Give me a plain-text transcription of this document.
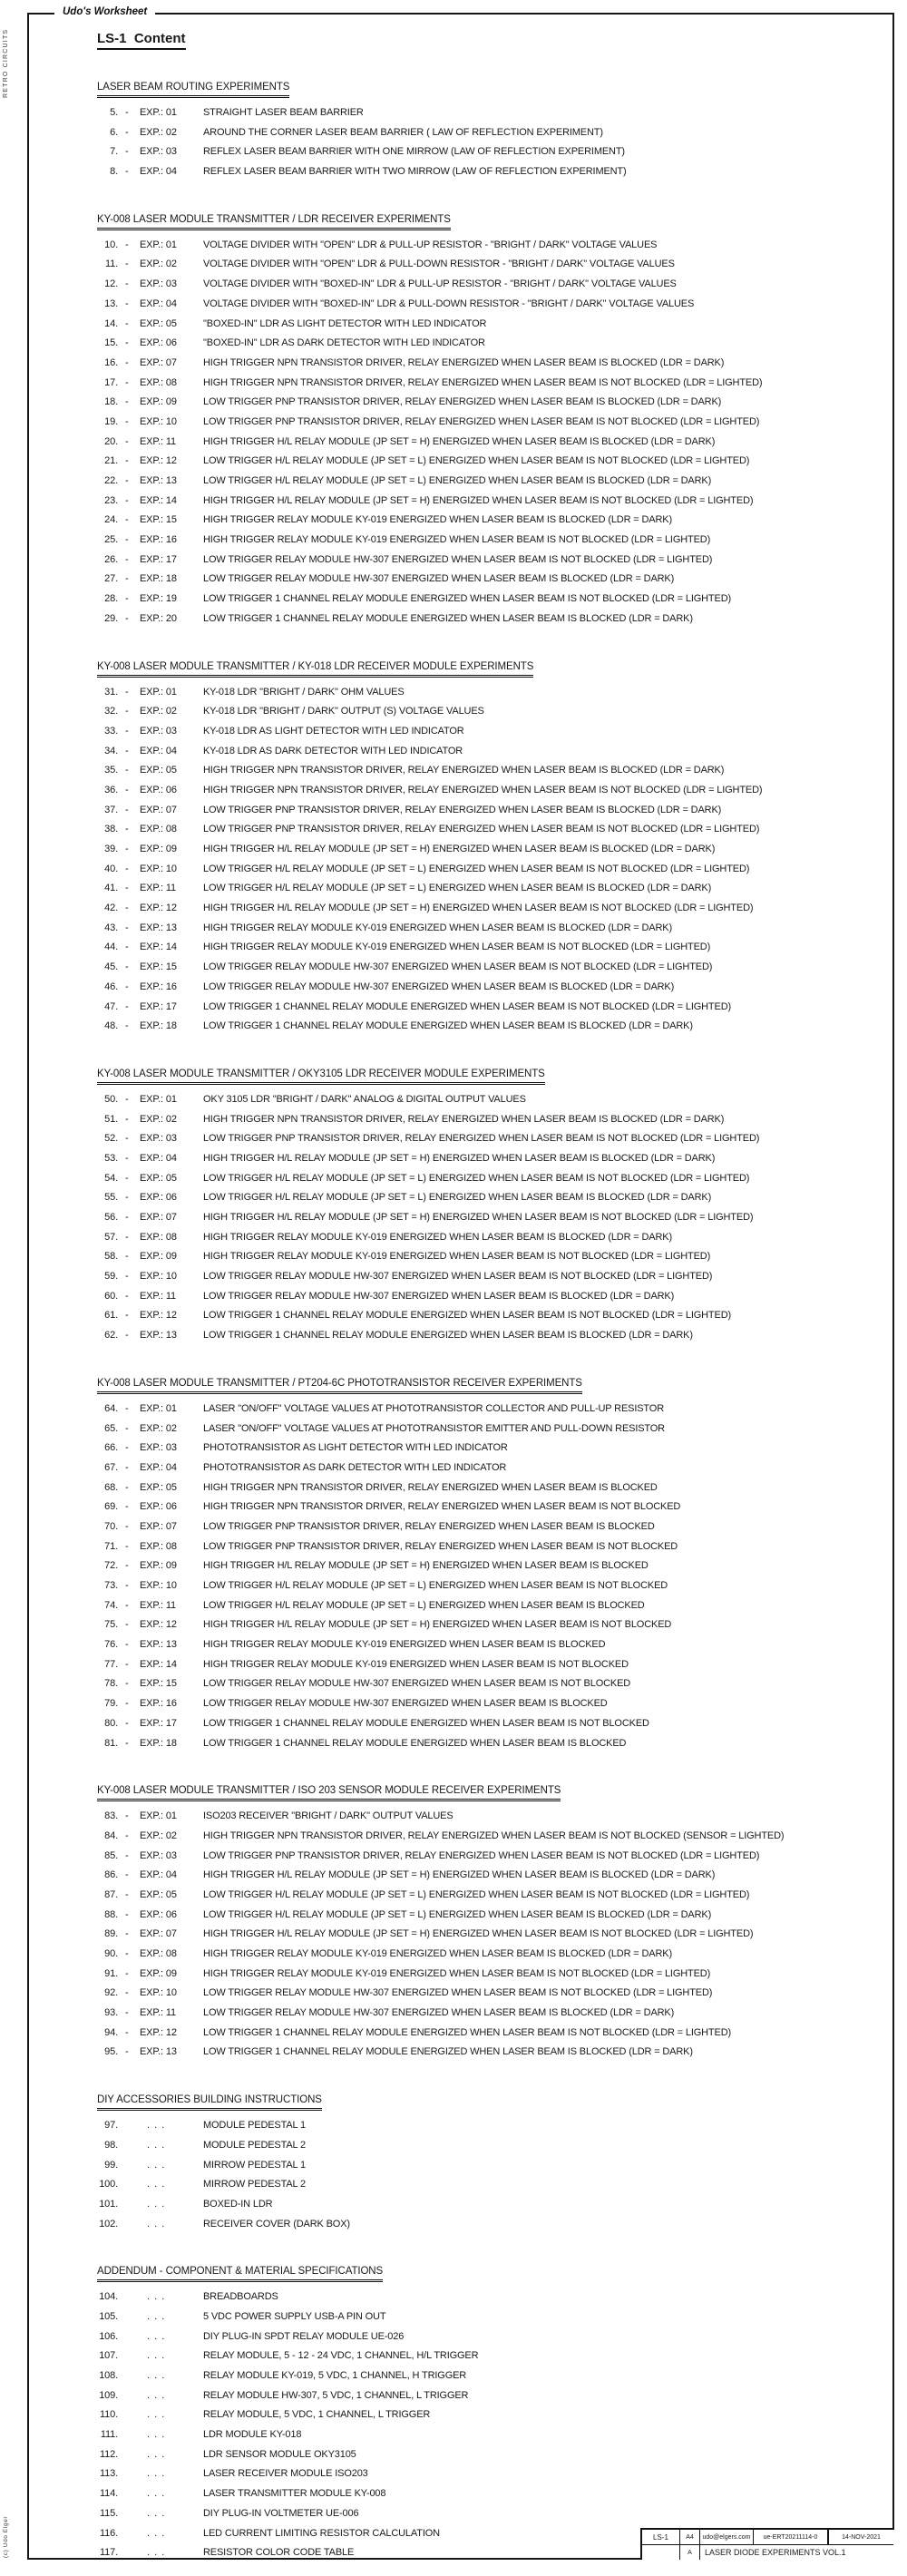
RETRO CIRCUITS
(c) Udo Elger
Udo's Worksheet
LS-1  Content
LASER BEAM ROUTING EXPERIMENTS
5. - EXP.: 01	STRAIGHT LASER BEAM BARRIER
6. - EXP.: 02	AROUND THE CORNER LASER BEAM BARRIER ( LAW OF REFLECTION EXPERIMENT)
7. - EXP.: 03	REFLEX LASER BEAM BARRIER WITH ONE MIRROW (LAW OF REFLECTION EXPERIMENT)
8. - EXP.: 04	REFLEX LASER BEAM BARRIER WITH TWO MIRROW (LAW OF REFLECTION EXPERIMENT)
KY-008 LASER MODULE TRANSMITTER / LDR RECEIVER EXPERIMENTS
10. - EXP.: 01	VOLTAGE DIVIDER WITH "OPEN" LDR & PULL-UP RESISTOR - "BRIGHT / DARK" VOLTAGE VALUES
11. - EXP.: 02	VOLTAGE DIVIDER WITH "OPEN" LDR & PULL-DOWN RESISTOR - "BRIGHT / DARK" VOLTAGE VALUES
12. - EXP.: 03	VOLTAGE DIVIDER WITH "BOXED-IN" LDR & PULL-UP RESISTOR - "BRIGHT / DARK" VOLTAGE VALUES
13. - EXP.: 04	VOLTAGE DIVIDER WITH "BOXED-IN" LDR & PULL-DOWN RESISTOR - "BRIGHT / DARK" VOLTAGE VALUES
14. - EXP.: 05	"BOXED-IN" LDR AS LIGHT DETECTOR WITH LED INDICATOR
15. - EXP.: 06	"BOXED-IN" LDR AS DARK DETECTOR WITH LED INDICATOR
16. - EXP.: 07	HIGH TRIGGER NPN TRANSISTOR DRIVER, RELAY ENERGIZED WHEN LASER BEAM IS BLOCKED (LDR = DARK)
17. - EXP.: 08	HIGH TRIGGER NPN TRANSISTOR DRIVER, RELAY ENERGIZED WHEN LASER BEAM IS NOT BLOCKED (LDR = LIGHTED)
18. - EXP.: 09	LOW TRIGGER PNP TRANSISTOR DRIVER, RELAY ENERGIZED WHEN LASER BEAM IS BLOCKED (LDR = DARK)
19. - EXP.: 10	LOW TRIGGER PNP TRANSISTOR DRIVER, RELAY ENERGIZED WHEN LASER BEAM IS NOT BLOCKED (LDR = LIGHTED)
20. - EXP.: 11	HIGH TRIGGER H/L RELAY MODULE (JP SET = H) ENERGIZED WHEN LASER BEAM IS BLOCKED (LDR = DARK)
21. - EXP.: 12	LOW TRIGGER H/L RELAY MODULE (JP SET = L) ENERGIZED WHEN LASER BEAM IS NOT BLOCKED (LDR = LIGHTED)
22. - EXP.: 13	LOW TRIGGER H/L RELAY MODULE (JP SET = L) ENERGIZED WHEN LASER BEAM IS BLOCKED (LDR = DARK)
23. - EXP.: 14	HIGH TRIGGER H/L RELAY MODULE (JP SET = H) ENERGIZED WHEN LASER BEAM IS NOT BLOCKED (LDR = LIGHTED)
24. - EXP.: 15	HIGH TRIGGER RELAY MODULE KY-019 ENERGIZED WHEN LASER BEAM IS BLOCKED (LDR = DARK)
25. - EXP.: 16	HIGH TRIGGER RELAY MODULE KY-019 ENERGIZED WHEN LASER BEAM IS NOT BLOCKED (LDR = LIGHTED)
26. - EXP.: 17	LOW TRIGGER RELAY MODULE HW-307 ENERGIZED WHEN LASER BEAM IS NOT BLOCKED (LDR = LIGHTED)
27. - EXP.: 18	LOW TRIGGER RELAY MODULE HW-307 ENERGIZED WHEN LASER BEAM IS BLOCKED (LDR = DARK)
28. - EXP.: 19	LOW TRIGGER 1 CHANNEL RELAY MODULE ENERGIZED WHEN LASER BEAM IS NOT BLOCKED (LDR = LIGHTED)
29. - EXP.: 20	LOW TRIGGER 1 CHANNEL RELAY MODULE ENERGIZED WHEN LASER BEAM IS BLOCKED (LDR = DARK)
KY-008 LASER MODULE TRANSMITTER / KY-018 LDR RECEIVER MODULE EXPERIMENTS
31. - EXP.: 01	KY-018 LDR "BRIGHT / DARK" OHM VALUES
32. - EXP.: 02	KY-018 LDR "BRIGHT / DARK" OUTPUT (S) VOLTAGE VALUES
33. - EXP.: 03	KY-018 LDR AS LIGHT DETECTOR WITH LED INDICATOR
34. - EXP.: 04	KY-018 LDR AS DARK DETECTOR WITH LED INDICATOR
35. - EXP.: 05	HIGH TRIGGER NPN TRANSISTOR DRIVER, RELAY ENERGIZED WHEN LASER BEAM IS BLOCKED (LDR = DARK)
36. - EXP.: 06	HIGH TRIGGER NPN TRANSISTOR DRIVER, RELAY ENERGIZED WHEN LASER BEAM IS NOT BLOCKED (LDR = LIGHTED)
37. - EXP.: 07	LOW TRIGGER PNP TRANSISTOR DRIVER, RELAY ENERGIZED WHEN LASER BEAM IS BLOCKED (LDR = DARK)
38. - EXP.: 08	LOW TRIGGER PNP TRANSISTOR DRIVER, RELAY ENERGIZED WHEN LASER BEAM IS NOT BLOCKED (LDR = LIGHTED)
39. - EXP.: 09	HIGH TRIGGER H/L RELAY MODULE (JP SET = H) ENERGIZED WHEN LASER BEAM IS BLOCKED (LDR = DARK)
40. - EXP.: 10	LOW TRIGGER H/L RELAY MODULE (JP SET = L) ENERGIZED WHEN LASER BEAM IS NOT BLOCKED (LDR = LIGHTED)
41. - EXP.: 11	LOW TRIGGER H/L RELAY MODULE (JP SET = L) ENERGIZED WHEN LASER BEAM IS BLOCKED (LDR = DARK)
42. - EXP.: 12	HIGH TRIGGER H/L RELAY MODULE (JP SET = H) ENERGIZED WHEN LASER BEAM IS NOT BLOCKED (LDR = LIGHTED)
43. - EXP.: 13	HIGH TRIGGER RELAY MODULE KY-019 ENERGIZED WHEN LASER BEAM IS BLOCKED (LDR = DARK)
44. - EXP.: 14	HIGH TRIGGER RELAY MODULE KY-019 ENERGIZED WHEN LASER BEAM IS NOT BLOCKED (LDR = LIGHTED)
45. - EXP.: 15	LOW TRIGGER RELAY MODULE HW-307 ENERGIZED WHEN LASER BEAM IS NOT BLOCKED (LDR = LIGHTED)
46. - EXP.: 16	LOW TRIGGER RELAY MODULE HW-307 ENERGIZED WHEN LASER BEAM IS BLOCKED (LDR = DARK)
47. - EXP.: 17	LOW TRIGGER 1 CHANNEL RELAY MODULE ENERGIZED WHEN LASER BEAM IS NOT BLOCKED (LDR = LIGHTED)
48. - EXP.: 18	LOW TRIGGER 1 CHANNEL RELAY MODULE ENERGIZED WHEN LASER BEAM IS BLOCKED (LDR = DARK)
KY-008 LASER MODULE TRANSMITTER / OKY3105 LDR RECEIVER MODULE EXPERIMENTS
50. - EXP.: 01	OKY 3105 LDR "BRIGHT / DARK" ANALOG & DIGITAL OUTPUT VALUES
51. - EXP.: 02	HIGH TRIGGER NPN TRANSISTOR DRIVER, RELAY ENERGIZED WHEN LASER BEAM IS BLOCKED (LDR = DARK)
52. - EXP.: 03	LOW TRIGGER PNP TRANSISTOR DRIVER, RELAY ENERGIZED WHEN LASER BEAM IS NOT BLOCKED (LDR = LIGHTED)
53. - EXP.: 04	HIGH TRIGGER H/L RELAY MODULE (JP SET = H) ENERGIZED WHEN LASER BEAM IS BLOCKED (LDR = DARK)
54. - EXP.: 05	LOW TRIGGER H/L RELAY MODULE (JP SET = L) ENERGIZED WHEN LASER BEAM IS NOT BLOCKED (LDR = LIGHTED)
55. - EXP.: 06	LOW TRIGGER H/L RELAY MODULE (JP SET = L) ENERGIZED WHEN LASER BEAM IS BLOCKED (LDR = DARK)
56. - EXP.: 07	HIGH TRIGGER H/L RELAY MODULE (JP SET = H) ENERGIZED WHEN LASER BEAM IS NOT BLOCKED (LDR = LIGHTED)
57. - EXP.: 08	HIGH TRIGGER RELAY MODULE KY-019 ENERGIZED WHEN LASER BEAM IS BLOCKED (LDR = DARK)
58. - EXP.: 09	HIGH TRIGGER RELAY MODULE KY-019 ENERGIZED WHEN LASER BEAM IS NOT BLOCKED (LDR = LIGHTED)
59. - EXP.: 10	LOW TRIGGER RELAY MODULE HW-307 ENERGIZED WHEN LASER BEAM IS NOT BLOCKED (LDR = LIGHTED)
60. - EXP.: 11	LOW TRIGGER RELAY MODULE HW-307 ENERGIZED WHEN LASER BEAM IS BLOCKED (LDR = DARK)
61. - EXP.: 12	LOW TRIGGER 1 CHANNEL RELAY MODULE ENERGIZED WHEN LASER BEAM IS NOT BLOCKED (LDR = LIGHTED)
62. - EXP.: 13	LOW TRIGGER 1 CHANNEL RELAY MODULE ENERGIZED WHEN LASER BEAM IS BLOCKED (LDR = DARK)
KY-008 LASER MODULE TRANSMITTER / PT204-6C PHOTOTRANSISTOR RECEIVER EXPERIMENTS
64. - EXP.: 01	LASER "ON/OFF" VOLTAGE VALUES AT PHOTOTRANSISTOR COLLECTOR AND PULL-UP RESISTOR
65. - EXP.: 02	LASER "ON/OFF" VOLTAGE VALUES AT PHOTOTRANSISTOR EMITTER AND PULL-DOWN RESISTOR
66. - EXP.: 03	PHOTOTRANSISTOR AS LIGHT DETECTOR WITH LED INDICATOR
67. - EXP.: 04	PHOTOTRANSISTOR AS DARK DETECTOR WITH LED INDICATOR
68. - EXP.: 05	HIGH TRIGGER NPN TRANSISTOR DRIVER, RELAY ENERGIZED WHEN LASER BEAM IS BLOCKED
69. - EXP.: 06	HIGH TRIGGER NPN TRANSISTOR DRIVER, RELAY ENERGIZED WHEN LASER BEAM IS NOT BLOCKED
70. - EXP.: 07	LOW TRIGGER PNP TRANSISTOR DRIVER, RELAY ENERGIZED WHEN LASER BEAM IS BLOCKED
71. - EXP.: 08	LOW TRIGGER PNP TRANSISTOR DRIVER, RELAY ENERGIZED WHEN LASER BEAM IS NOT BLOCKED
72. - EXP.: 09	HIGH TRIGGER H/L RELAY MODULE (JP SET = H) ENERGIZED WHEN LASER BEAM IS BLOCKED
73. - EXP.: 10	LOW TRIGGER H/L RELAY MODULE (JP SET = L) ENERGIZED WHEN LASER BEAM IS NOT BLOCKED
74. - EXP.: 11	LOW TRIGGER H/L RELAY MODULE (JP SET = L) ENERGIZED WHEN LASER BEAM IS BLOCKED
75. - EXP.: 12	HIGH TRIGGER H/L RELAY MODULE (JP SET = H) ENERGIZED WHEN LASER BEAM IS NOT BLOCKED
76. - EXP.: 13	HIGH TRIGGER RELAY MODULE KY-019 ENERGIZED WHEN LASER BEAM IS BLOCKED
77. - EXP.: 14	HIGH TRIGGER RELAY MODULE KY-019 ENERGIZED WHEN LASER BEAM IS NOT BLOCKED
78. - EXP.: 15	LOW TRIGGER RELAY MODULE HW-307 ENERGIZED WHEN LASER BEAM IS NOT BLOCKED
79. - EXP.: 16	LOW TRIGGER RELAY MODULE HW-307 ENERGIZED WHEN LASER BEAM IS BLOCKED
80. - EXP.: 17	LOW TRIGGER 1 CHANNEL RELAY MODULE ENERGIZED WHEN LASER BEAM IS NOT BLOCKED
81. - EXP.: 18	LOW TRIGGER 1 CHANNEL RELAY MODULE ENERGIZED WHEN LASER BEAM IS BLOCKED
KY-008 LASER MODULE TRANSMITTER / ISO 203 SENSOR MODULE RECEIVER EXPERIMENTS
83. - EXP.: 01	ISO203 RECEIVER "BRIGHT / DARK" OUTPUT VALUES
84. - EXP.: 02	HIGH TRIGGER NPN TRANSISTOR DRIVER, RELAY ENERGIZED WHEN LASER BEAM IS NOT BLOCKED (SENSOR = LIGHTED)
85. - EXP.: 03	LOW TRIGGER PNP TRANSISTOR DRIVER, RELAY ENERGIZED WHEN LASER BEAM IS NOT BLOCKED (LDR = LIGHTED)
86. - EXP.: 04	HIGH TRIGGER H/L RELAY MODULE (JP SET = H) ENERGIZED WHEN LASER BEAM IS BLOCKED (LDR = DARK)
87. - EXP.: 05	LOW TRIGGER H/L RELAY MODULE (JP SET = L) ENERGIZED WHEN LASER BEAM IS NOT BLOCKED (LDR = LIGHTED)
88. - EXP.: 06	LOW TRIGGER H/L RELAY MODULE (JP SET = L) ENERGIZED WHEN LASER BEAM IS BLOCKED (LDR = DARK)
89. - EXP.: 07	HIGH TRIGGER H/L RELAY MODULE (JP SET = H) ENERGIZED WHEN LASER BEAM IS NOT BLOCKED (LDR = LIGHTED)
90. - EXP.: 08	HIGH TRIGGER RELAY MODULE KY-019 ENERGIZED WHEN LASER BEAM IS BLOCKED (LDR = DARK)
91. - EXP.: 09	HIGH TRIGGER RELAY MODULE KY-019 ENERGIZED WHEN LASER BEAM IS NOT BLOCKED (LDR = LIGHTED)
92. - EXP.: 10	LOW TRIGGER RELAY MODULE HW-307 ENERGIZED WHEN LASER BEAM IS NOT BLOCKED (LDR = LIGHTED)
93. - EXP.: 11	LOW TRIGGER RELAY MODULE HW-307 ENERGIZED WHEN LASER BEAM IS BLOCKED (LDR = DARK)
94. - EXP.: 12	LOW TRIGGER 1 CHANNEL RELAY MODULE ENERGIZED WHEN LASER BEAM IS NOT BLOCKED (LDR = LIGHTED)
95. - EXP.: 13	LOW TRIGGER 1 CHANNEL RELAY MODULE ENERGIZED WHEN LASER BEAM IS BLOCKED (LDR = DARK)
DIY ACCESSORIES BUILDING INSTRUCTIONS
97.	. . .	MODULE PEDESTAL 1
98.	. . .	MODULE PEDESTAL 2
99.	. . .	MIRROW PEDESTAL 1
100.	. . .	MIRROW PEDESTAL 2
101.	. . .	BOXED-IN LDR
102.	. . .	RECEIVER COVER (DARK BOX)
ADDENDUM - COMPONENT & MATERIAL SPECIFICATIONS
104.	. . .	BREADBOARDS
105.	. . .	5 VDC POWER SUPPLY USB-A PIN OUT
106.	. . .	DIY PLUG-IN SPDT RELAY MODULE UE-026
107.	. . .	RELAY MODULE, 5 - 12 - 24 VDC, 1 CHANNEL, H/L TRIGGER
108.	. . .	RELAY MODULE KY-019, 5 VDC, 1 CHANNEL, H TRIGGER
109.	. . .	RELAY MODULE HW-307, 5 VDC, 1 CHANNEL, L TRIGGER
110.	. . .	RELAY MODULE, 5 VDC, 1 CHANNEL, L TRIGGER
111.	. . .	LDR MODULE KY-018
112.	. . .	LDR SENSOR MODULE OKY3105
113.	. . .	LASER RECEIVER MODULE ISO203
114.	. . .	LASER TRANSMITTER MODULE KY-008
115.	. . .	DIY PLUG-IN VOLTMETER UE-006
116.	. . .	LED CURRENT LIMITING RESISTOR CALCULATION
117.	. . .	RESISTOR COLOR CODE TABLE
LS-1	A4	udo@elgers.com	ue-ERT20211114-0	14-NOV-2021
A	LASER DIODE EXPERIMENTS VOL.1
